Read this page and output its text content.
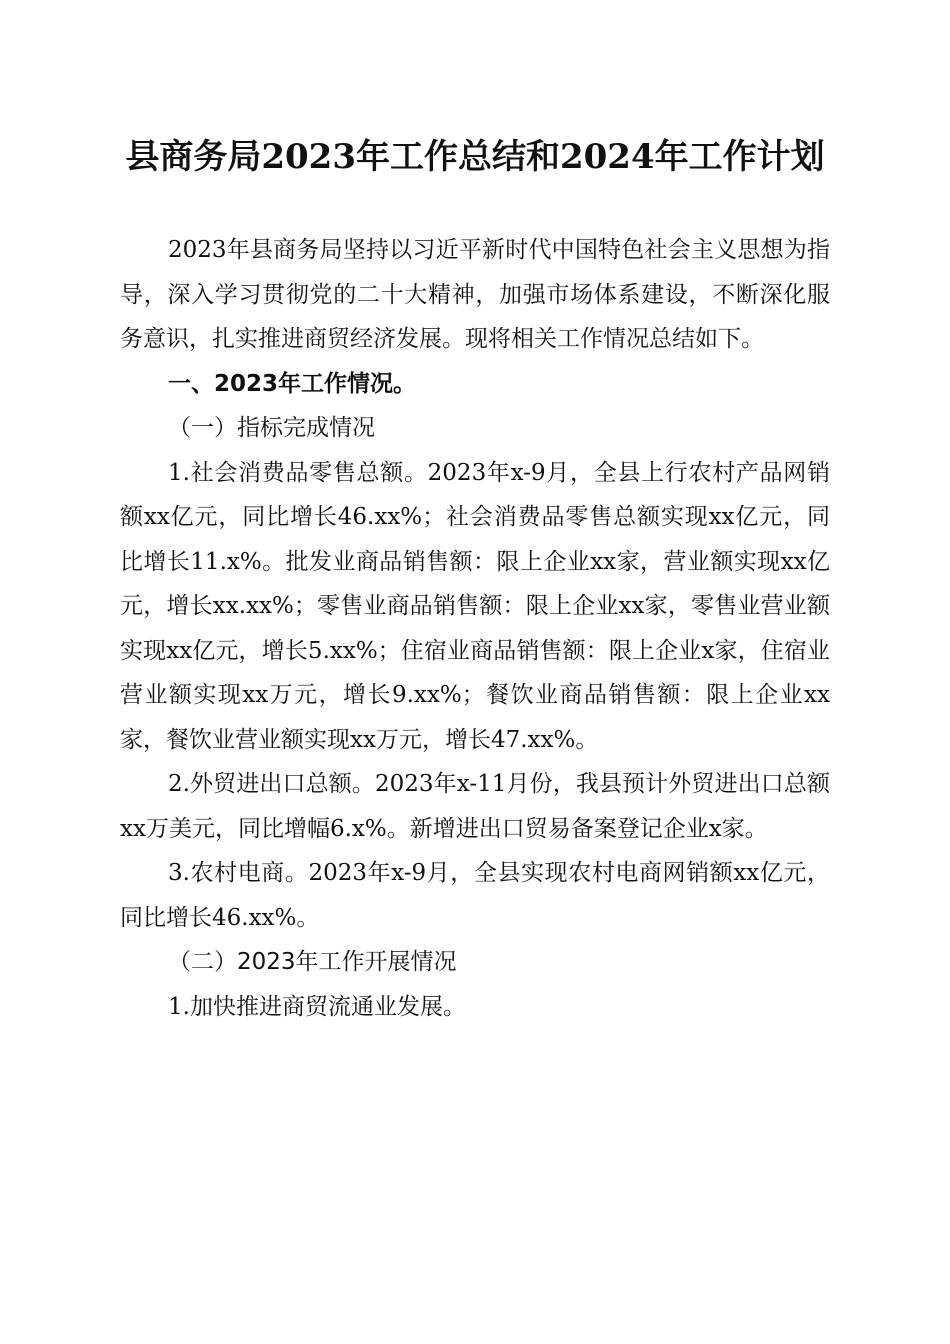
县商务局2023年工作总结和2024年工作计划

2023年县商务局坚持以习近平新时代中国特色社会主义思想为指导，深入学习贯彻党的二十大精神，加强市场体系建设，不断深化服务意识，扎实推进商贸经济发展。现将相关工作情况总结如下。

一、2023年工作情况。

（一）指标完成情况

1.社会消费品零售总额。2023年x-9月，全县上行农村产品网销额xx亿元，同比增长46.xx%；社会消费品零售总额实现xx亿元，同比增长11.x%。批发业商品销售额：限上企业xx家，营业额实现xx亿元，增长xx.xx%；零售业商品销售额：限上企业xx家，零售业营业额实现xx亿元，增长5.xx%；住宿业商品销售额：限上企业x家，住宿业营业额实现xx万元，增长9.xx%；餐饮业商品销售额：限上企业xx家，餐饮业营业额实现xx万元，增长47.xx%。

2.外贸进出口总额。2023年x-11月份，我县预计外贸进出口总额xx万美元，同比增幅6.x%。新增进出口贸易备案登记企业x家。

3.农村电商。2023年x-9月，全县实现农村电商网销额xx亿元，同比增长46.xx%。

（二）2023年工作开展情况

1.加快推进商贸流通业发展。
